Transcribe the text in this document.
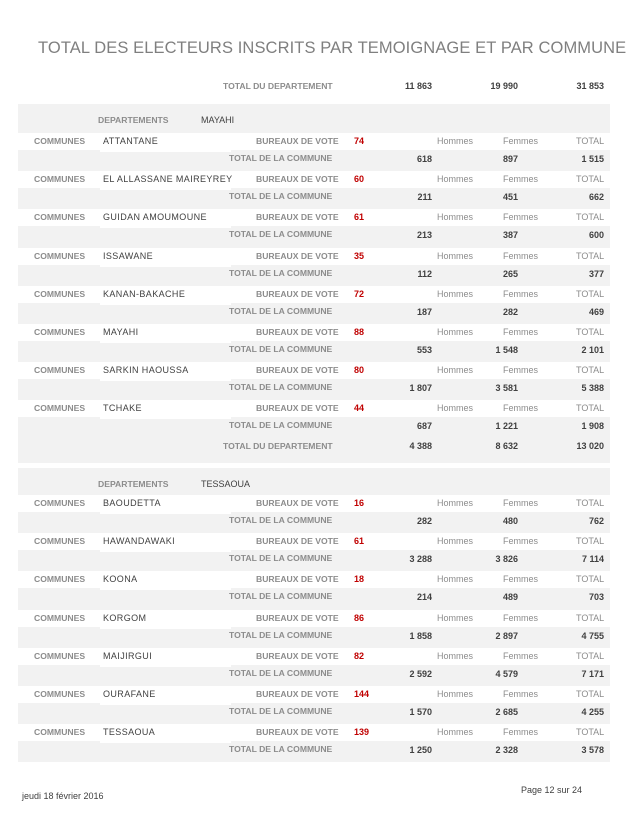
TOTAL DES ELECTEURS INSCRITS PAR TEMOIGNAGE ET PAR COMMUNE
TOTAL DU DEPARTEMENT	11 863	19 990	31 853
DEPARTEMENTS	MAYAHI
COMMUNES ATTANTANE	BUREAUX DE VOTE 74	Hommes	Femmes	TOTAL
TOTAL DE LA COMMUNE	618	897	1 515
COMMUNES EL ALLASSANE MAIREYREY	BUREAUX DE VOTE 60	Hommes	Femmes	TOTAL
TOTAL DE LA COMMUNE	211	451	662
COMMUNES GUIDAN AMOUMOUNE	BUREAUX DE VOTE 61	Hommes	Femmes	TOTAL
TOTAL DE LA COMMUNE	213	387	600
COMMUNES ISSAWANE	BUREAUX DE VOTE 35	Hommes	Femmes	TOTAL
TOTAL DE LA COMMUNE	112	265	377
COMMUNES KANAN-BAKACHE	BUREAUX DE VOTE 72	Hommes	Femmes	TOTAL
TOTAL DE LA COMMUNE	187	282	469
COMMUNES MAYAHI	BUREAUX DE VOTE 88	Hommes	Femmes	TOTAL
TOTAL DE LA COMMUNE	553	1 548	2 101
COMMUNES SARKIN HAOUSSA	BUREAUX DE VOTE 80	Hommes	Femmes	TOTAL
TOTAL DE LA COMMUNE	1 807	3 581	5 388
COMMUNES TCHAKE	BUREAUX DE VOTE 44	Hommes	Femmes	TOTAL
TOTAL DE LA COMMUNE	687	1 221	1 908
TOTAL DU DEPARTEMENT	4 388	8 632	13 020
DEPARTEMENTS	TESSAOUA
COMMUNES BAOUDETTA	BUREAUX DE VOTE 16	Hommes	Femmes	TOTAL
TOTAL DE LA COMMUNE	282	480	762
COMMUNES HAWANDAWAKI	BUREAUX DE VOTE 61	Hommes	Femmes	TOTAL
TOTAL DE LA COMMUNE	3 288	3 826	7 114
COMMUNES KOONA	BUREAUX DE VOTE 18	Hommes	Femmes	TOTAL
TOTAL DE LA COMMUNE	214	489	703
COMMUNES KORGOM	BUREAUX DE VOTE 86	Hommes	Femmes	TOTAL
TOTAL DE LA COMMUNE	1 858	2 897	4 755
COMMUNES MAIJIRGUI	BUREAUX DE VOTE 82	Hommes	Femmes	TOTAL
TOTAL DE LA COMMUNE	2 592	4 579	7 171
COMMUNES OURAFANE	BUREAUX DE VOTE 144	Hommes	Femmes	TOTAL
TOTAL DE LA COMMUNE	1 570	2 685	4 255
COMMUNES TESSAOUA	BUREAUX DE VOTE 139	Hommes	Femmes	TOTAL
TOTAL DE LA COMMUNE	1 250	2 328	3 578
jeudi 18 février 2016
Page 12 sur 24
